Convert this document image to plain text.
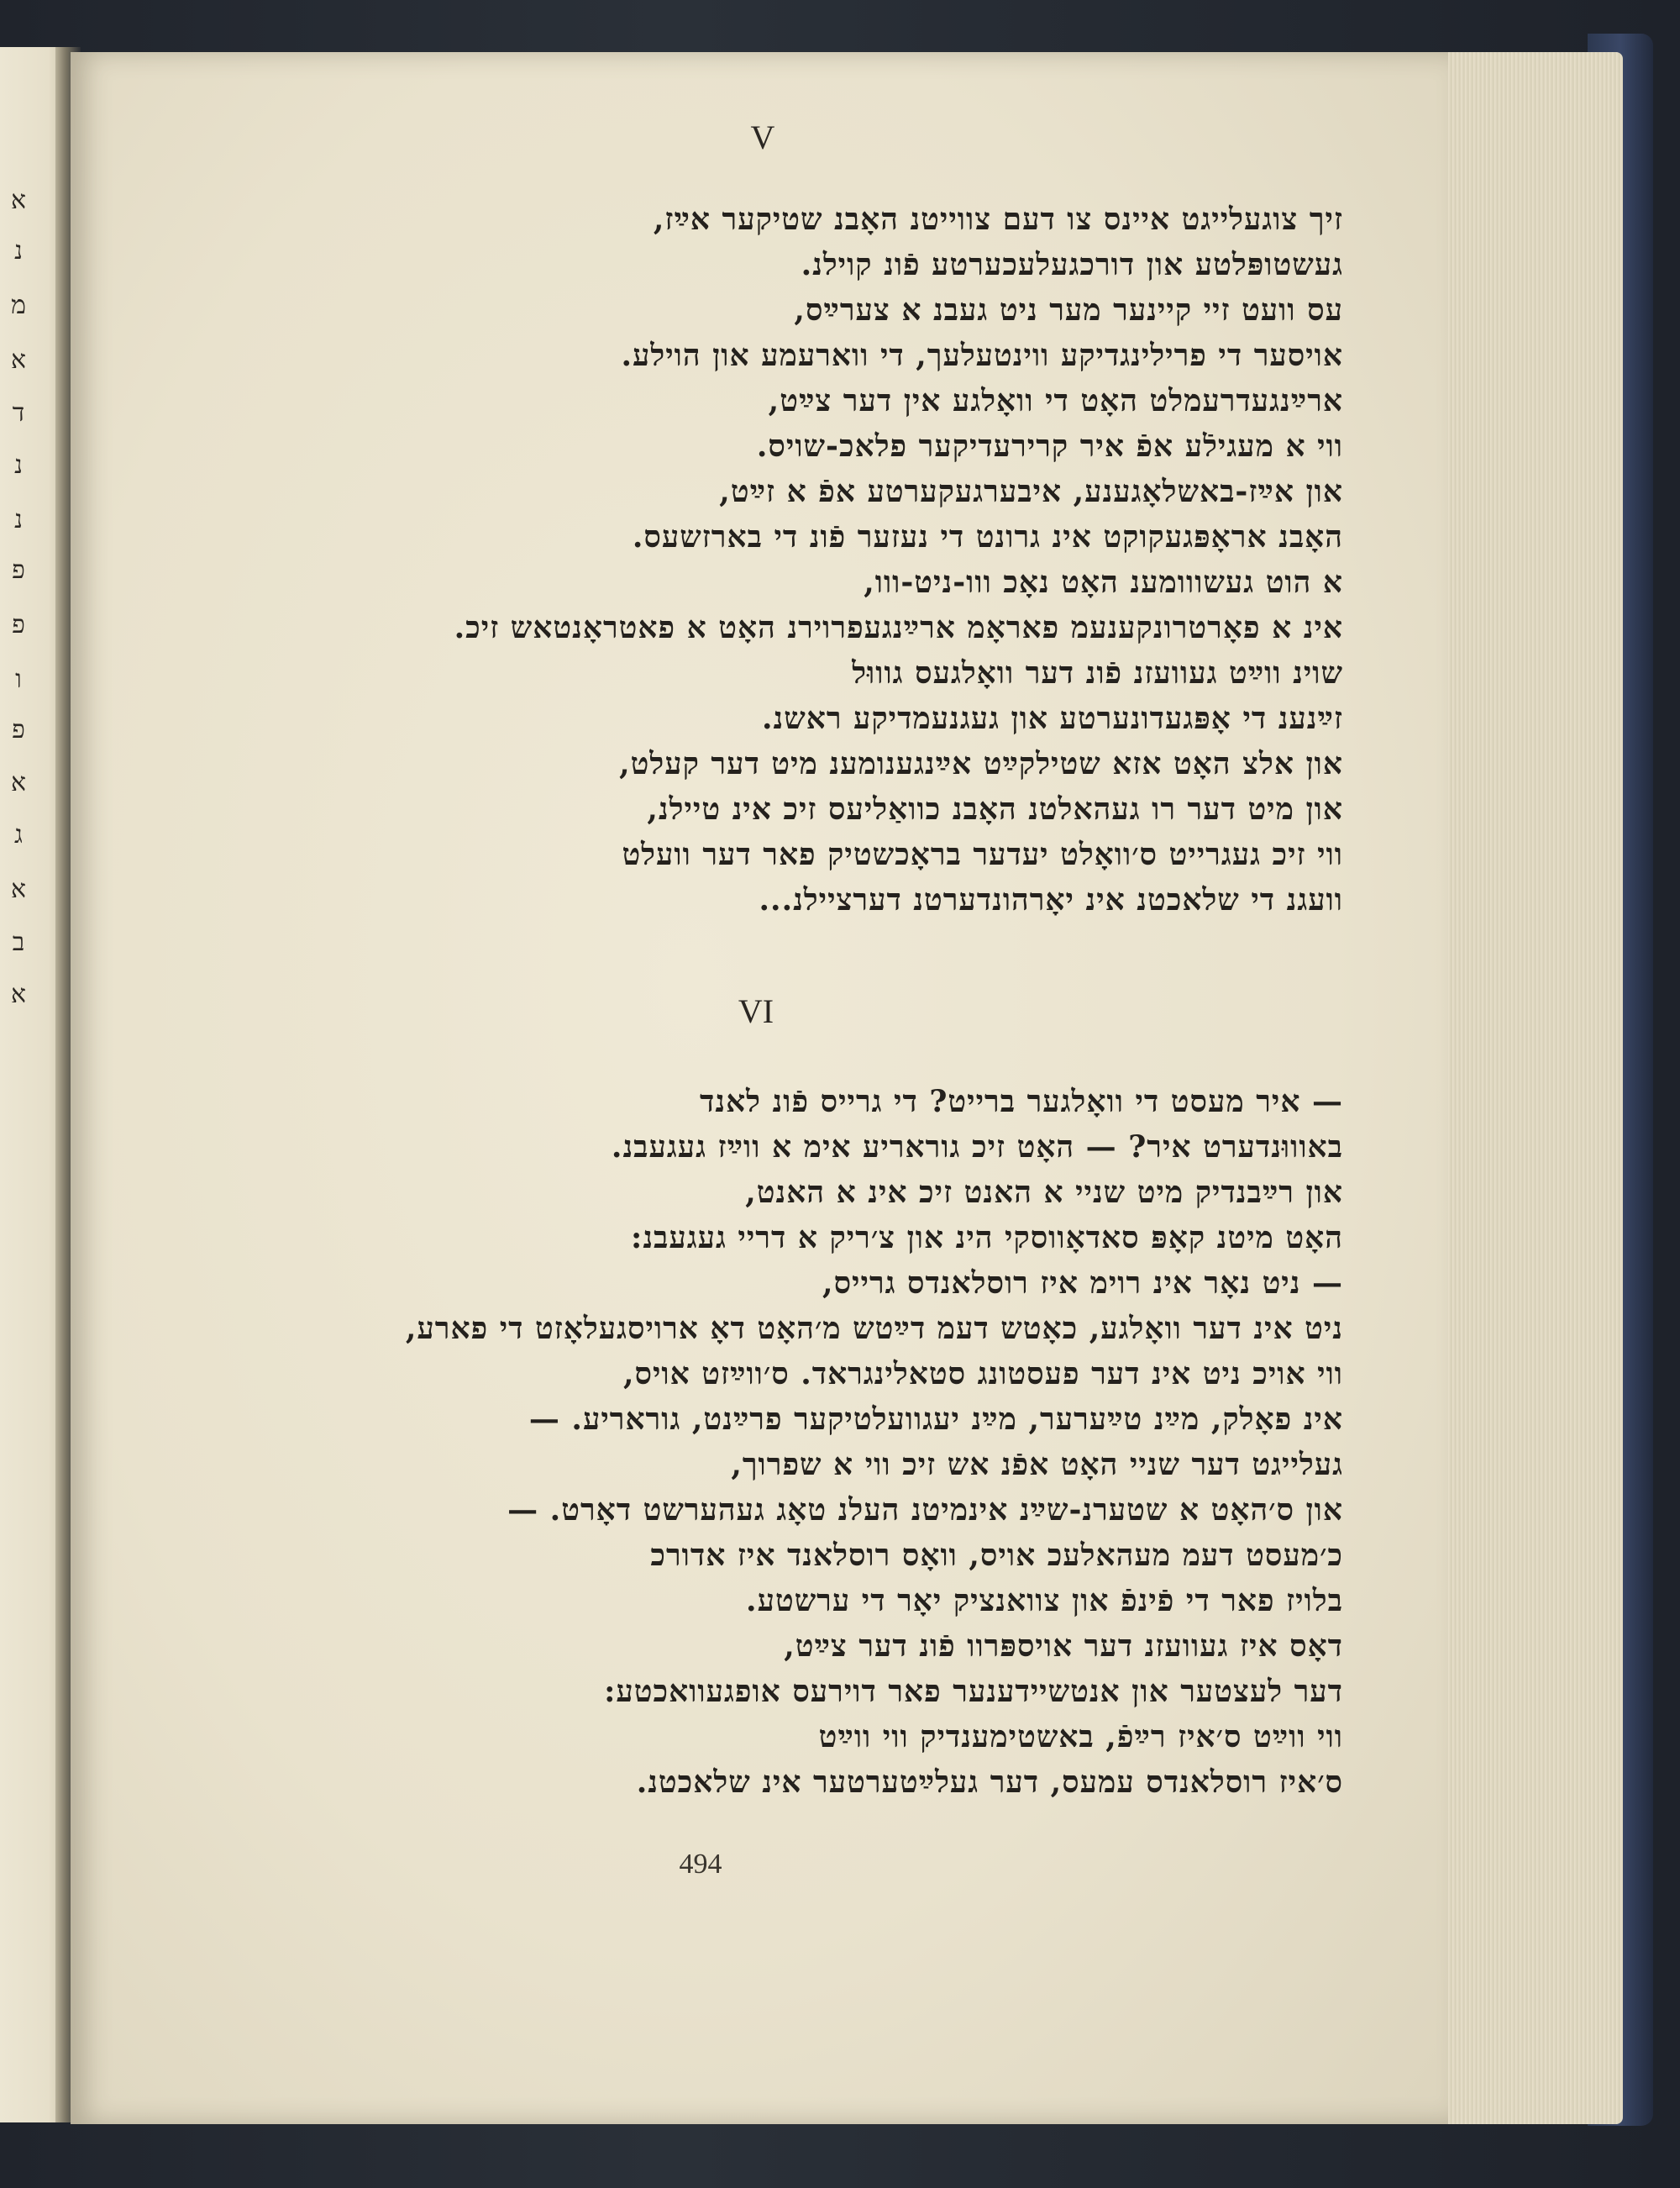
א
נ
מ
א
ד
נ
נ
פ
פ
ו
פ
א
ג
א
ב
א
V
זיך צוגעלייגט איינס צו דעם צווייטנ האָבנ שטיקער אײַז,
געשטופּלטע און דורכגעלעכערטע פֿונ קוילנ.
עס וועט זיי קיינער מער ניט געבנ א צערײַס,
אויסער די פרילינגדיקע ווינטעלעך, די ווארעמע און הוילע.
ארײַנגעדרעמלט האָט די וואָלגע אין דער צײַט,
ווי א מעגילֿע אפֿ איר קרירעדיקער פלאכ-שויס.
און אײַז-באשלאָגענע, איבערגעקערטע אפֿ א זײַט,
האָבנ אראָפּגעקוקט אינ גרונט די נעזער פֿונ די בארזשעס.
א הוט געשווומענ האָט נאָכ ווו-ניט-ווו,
אינ א פאָרטרונקענעמ פאראָמ ארײַנגעפרוירנ האָט א פאטראָנטאש זיכ.
שוינ ווײַט געוועזנ פֿונ דער וואָלגעס גוווּל
זײַנענ די אָפּגעדונערטע און געגנעמדיקע ראשנ.
און אלצ האָט אזא שטילקײַט אײַנגענומענ מיט דער קעלט,
און מיט דער רו געהאלטנ האָבנ כוואַליעס זיכ אינ טיילנ,
ווי זיכ געגרייט ס׳וואָלט יעדער בראָכשטיק פאר דער וועלט
וועגנ די שלאכטנ אינ יאָרהונדערטנ דערציילנ...
VI
— איר מעסט די וואָלגער ברייט? די גרייס פֿונ לאנד
באוווּנדערט איר? — האָט זיכ גוראריע אימ א ווײַז געגעבנ.
און רײַבנדיק מיט שניי א האנט זיכ אינ א האנט,
האָט מיטנ קאָפּ סאדאָווסקי הינ און צ׳ריק א דריי געגעבנ:
— ניט נאָר אינ רוימ איז רוסלאנדס גרייס,
ניט אינ דער וואָלגע, כאָטש דעמ דײַטש מ׳האָט דאָ ארויסגעלאָזט די פארע,
ווי אויכ ניט אינ דער פעסטונג סטאלינגראד. ס׳ווײַזט אויס,
אינ פאָלק, מײַנ טײַערער, מײַנ יעגוועלטיקער פרײַנט, גוראריע. —
געלייגט דער שניי האָט אפֿנ אש זיכ ווי א שפרוך,
און ס׳האָט א שטערנ-שײַנ אינמיטנ העלנ טאָג געהערשט דאָרט. —
כ׳מעסט דעמ מעהאלעכ אויס, וואָס רוסלאנד איז אדורכ
בלויז פאר די פֿינפֿ און צוואנציק יאָר די ערשטע.
דאָס איז געוועזנ דער אויספּרוו פֿונ דער צײַט,
דער לעצטער און אנטשיידענער פאר דוירעס אופגעוואכטע:
ווי ווײַט ס׳איז רײַפֿ, באשטימענדיק ווי ווײַט
ס׳איז רוסלאנדס עמעס, דער געלײַטערטער אינ שלאכטנ.
494
